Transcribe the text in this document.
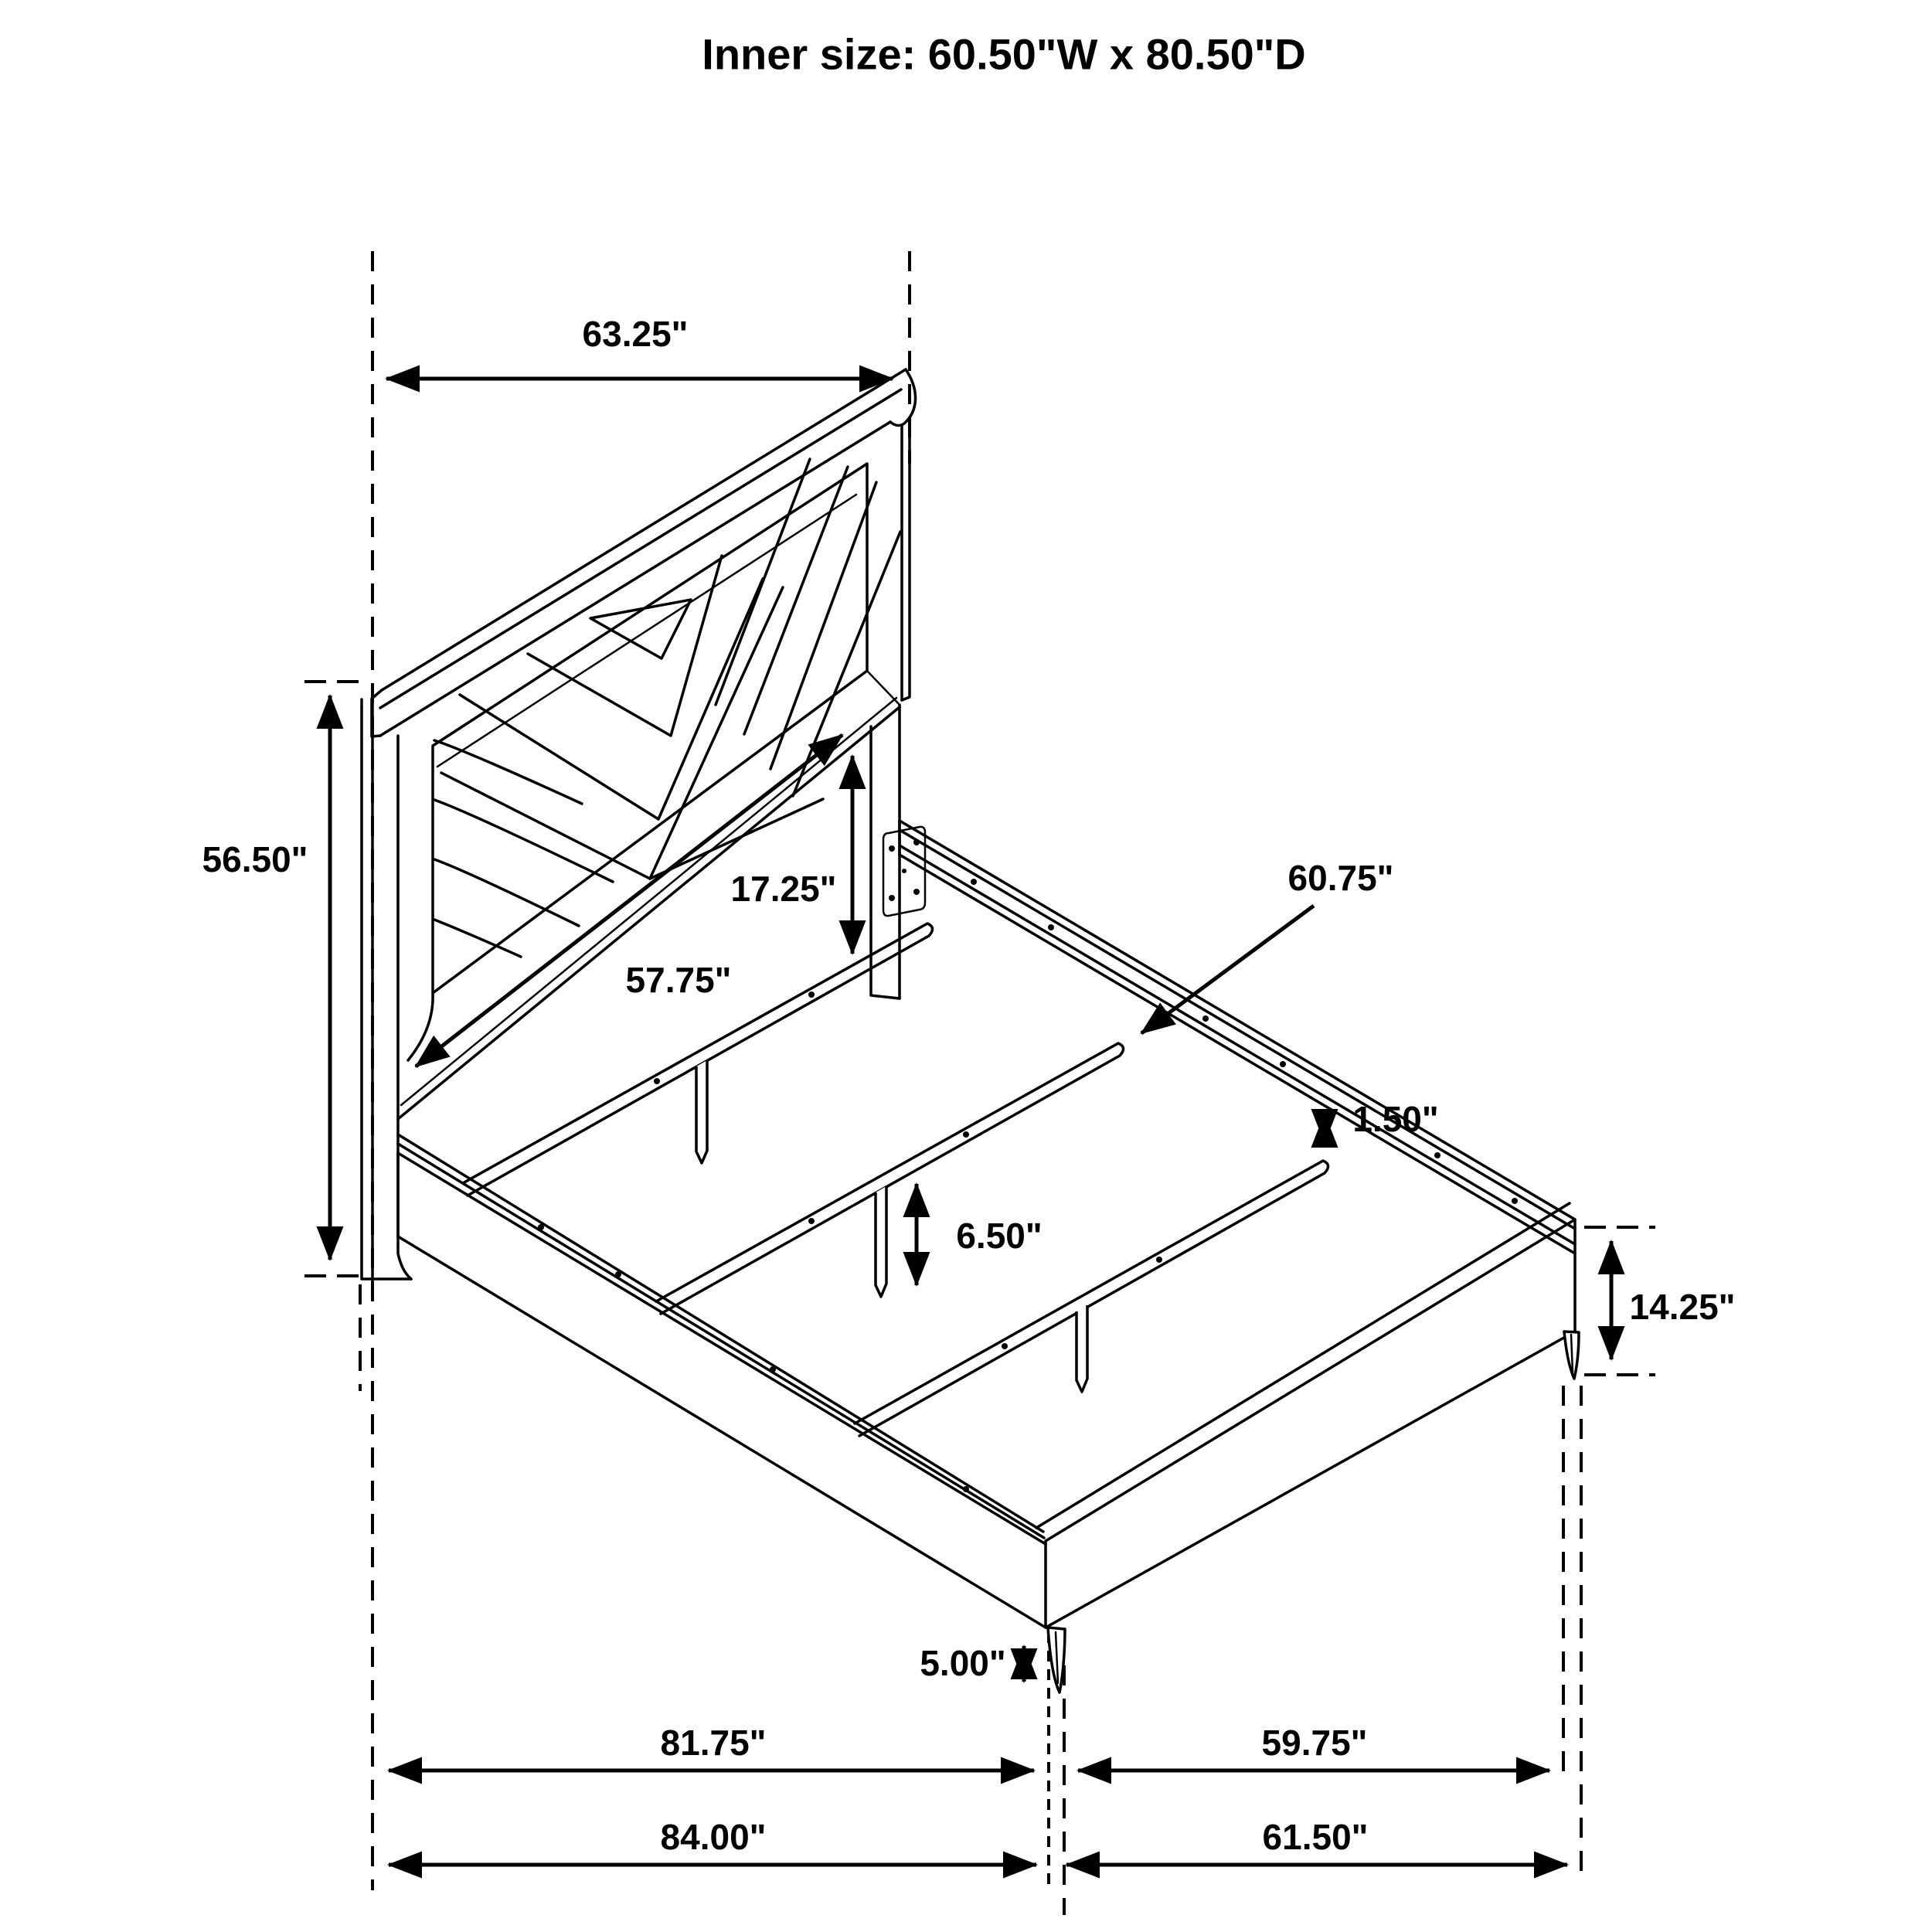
Inner size: 60.50"W x 80.50"D
63.25"
56.50"
17.25"
57.75"
60.75"
1.50"
6.50"
14.25"
5.00"
81.75"	59.75"
84.00"	61.50"
